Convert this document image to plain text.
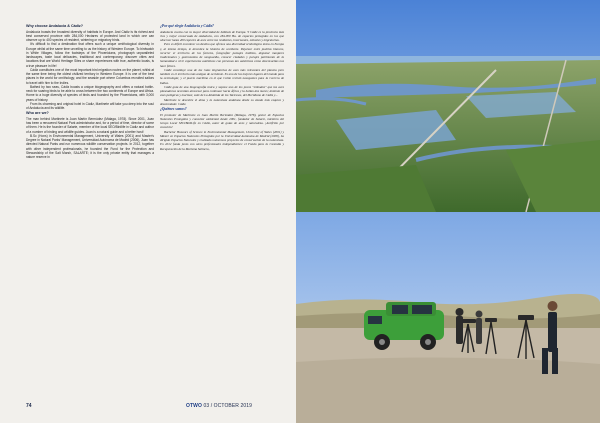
Why choose Andalucia & Cádiz?

Andalucía boasts the broadest diversity of habitats in Europe. And Cádiz is its richest and best conserved province with 284,000 Hectares of protected land in which one can observe up to 400 species of resident, wintering or migratory birds.

It's difficult to find a destination that offers such a unique ornithological diversity in Europe whilst at the same time unveiling to us the history of Western Europe. To birdwatch in White Villages, follow the footsteps of the Phoenicians, photograph unparalleled landscapes, taste local delicacies, traditional and contemporary, discover cities and locations that are World Heritage Sites or share experiences with true, authentic locals, is a true pleasure in life!

Cádiz constitutes one of the most important bird migration routes on the planet, whilst at the same time being the oldest civilized territory in Western Europe. It is one of the best places in the world for ornithology; and the seaside port where Columbus recruited sailors to travel with him to the Indies.

Bathed by two seas, Cádiz boasts a unique biogeography and offers a natural bottle-neck for soaring birds to be able to cross between the two continents of Europe and Africa. Home to a huge diversity of species of birds and founded by the Phoenicians, with 3,000 years of history.

From its charming and original hotel in Cádiz, Martinete will take you deep into the soul of Andalucía and its wildlife.

Who are we?

The man behind Martinete is Juan Martín Bermúdez (Málaga, 1978). Since 2001, Juan has been a renowned Natural Park administrator and, for a period of time, director of some of them. He is the founder of Salarte, member of the local SEO/Birdlife in Cádiz and author of a number of birding and wildlife guides. Juan is a natural guide and a better host!

B.Sc (Hons) in Environmental Management, University of Wales (2001) and Master's Degree in Natural Parks' Management, Universidad Autónoma de Madrid (2006), Juan has directed Natural Parks and run numerous wildlife conservation projects. In 2012, together with other independent professionals, he founded the Fund for the Protection and Stewardship of the Salt Marsh, SALARTE; it is the only private entity that manages a nature reserve in

¿Por qué elegir Andalucía y Cádiz?

Andalucía cuenta con la mayor diversidad de hábitats de Europa. Y Cádiz es la provincia más rica y mejor conservada de Andalucía, con 284.000 Ha. de espacios protegidos en los que observar hasta 400 especies de aves entre las residentes, invernantes, estivales y migratorias.

Pero es difícil encontrar un destino que ofrezca una diversidad ornitológica única en Europa y, al mismo tiempo, te descubra la historia de occidente. Pajarear entre pueblos blancos, recorrer el territorio de los fenicios, fotografiar paisajes inéditos, degustar manjares tradicionales y gastronomía de vanguardia, conocer ciudades y parajes patrimonio de la humanidad o vivir experiencias auténticas con personas tan auténticas como desenvueltas nos hace felices.

Cádiz constituye una de las rutas migratorias de aves más relevantes del planeta pero también es el territorio más antiguo de occidente. Es uno de los mejores lugares del mundo para la ornitología; y el puerto marítimo en el que Colón reclutó navegantes para la Carrera de Indias.

Cádiz guía de una biogeografía única y supone uno de los pocos "embudos" que las aves planeadoras necesitan atravesar para continuar hacia África y la hallan dos mares; dominio de aves pelágicas y marinas; sede de La Atlántida de los Tartessos, del Meridiano de Cádiz y...

Martinete te descubre el alma y la naturaleza andaluza desde su ánodo más esquivo y desenredado: Cádiz.

¿Quiénes somos?

El promotor de Martinete es Juan Martín Bermúdez (Málaga, 1978), gestor de Espacios Naturales Protegidos y consultor ambiental desde 2001, fundador de Salarte, miembro del Grupo Local SEO/BirdLife en Cádiz, autor de guías de aves y naturaleza. ¡Antifrión por vocación!

Bachelor Honours of Science in Environmental Management, University of Wales (2001) y Máster en Espacios Naturales Protegidos por la Universidad Autónoma de Madrid (2006), ha dirigido Espacios Naturales y realizado numerosos proyectos de conservación de la naturaleza. En 2012 funda junto con otros profesionales independientes: el Fondo para la Custodia y Recuperación de la Marisma Salinera,

74	OTWO 03 / OCTOBER 2019
